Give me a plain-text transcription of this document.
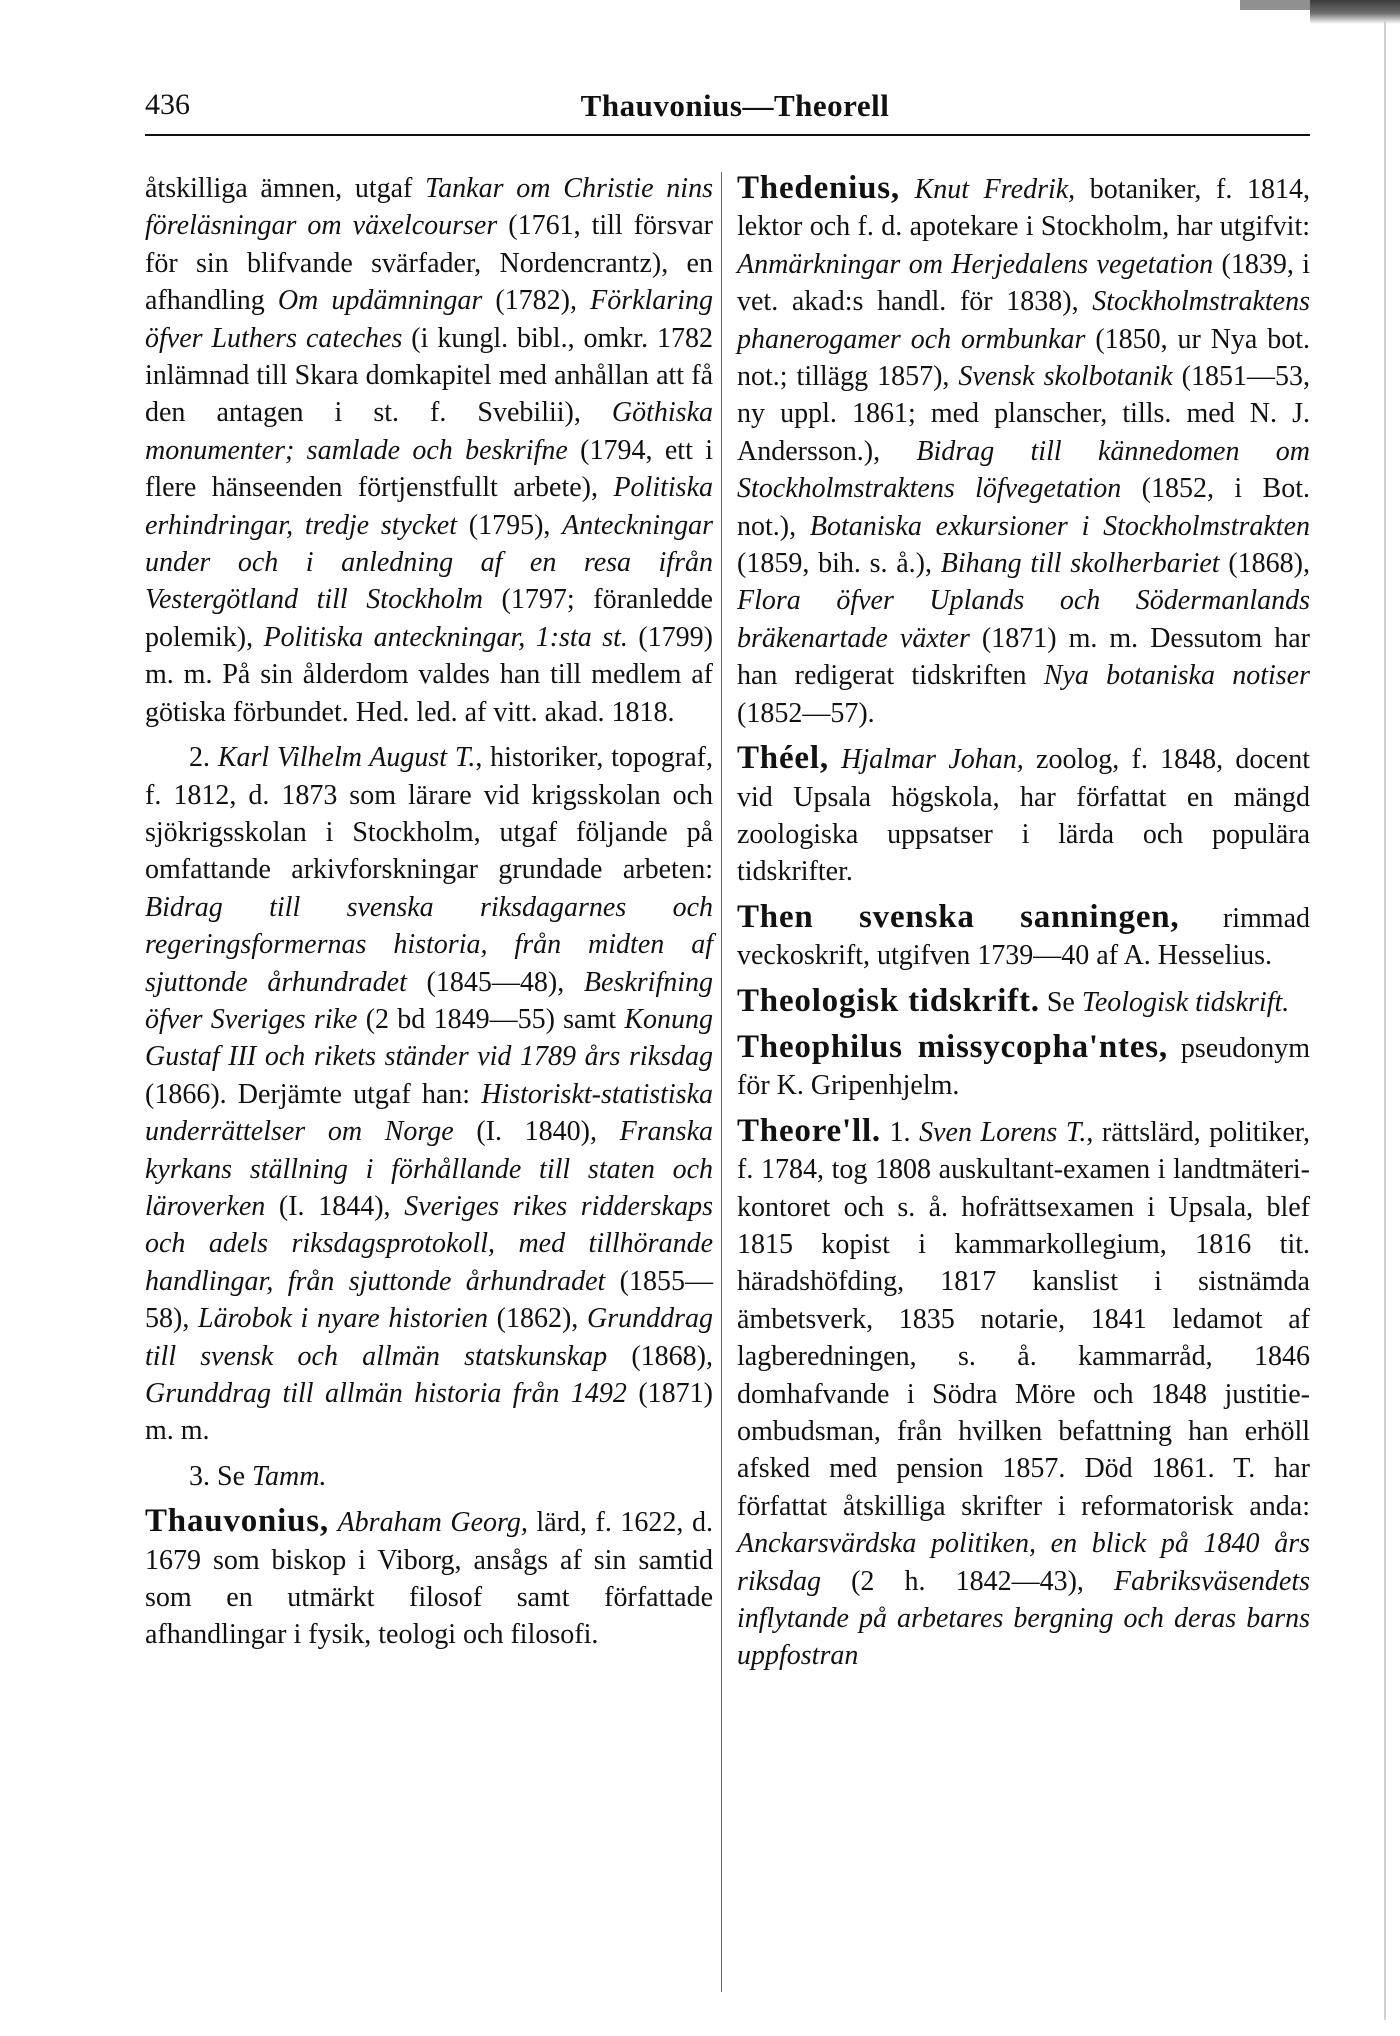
436	Thauvonius—Theorell

åtskilliga ämnen, utgaf Tankar om Christie nins föreläsningar om växelcourser (1761, till försvar för sin blifvande svärfader, Nordencrantz), en afhandling Om updämningar (1782), Förklaring öfver Luthers cateches (i kungl. bibl., omkr. 1782 inlämnad till Skara domkapitel med anhållan att få den antagen i st. f. Svebilii), Göthiska monumenter; samlade och beskrifne (1794, ett i flere hänseenden förtjenstfullt arbete), Politiska erhindringar, tredje stycket (1795), Anteckningar under och i anledning af en resa ifrån Vestergötland till Stockholm (1797; föranledde polemik), Politiska anteckningar, 1:sta st. (1799) m. m. På sin ålderdom valdes han till medlem af götiska förbundet. Hed. led. af vitt. akad. 1818.

2. Karl Vilhelm August T., historiker, topograf, f. 1812, d. 1873 som lärare vid krigsskolan och sjökrigsskolan i Stockholm, utgaf följande på omfattande arkivforskningar grundade arbeten: Bidrag till svenska riksdagarnes och regeringsformernas historia, från midten af sjuttonde århundradet (1845—48), Beskrifning öfver Sveriges rike (2 bd 1849—55) samt Konung Gustaf III och rikets ständer vid 1789 års riksdag (1866). Derjämte utgaf han: Historiskt-statistiska underrättelser om Norge (I. 1840), Franska kyrkans ställning i förhållande till staten och läroverken (I. 1844), Sveriges rikes ridderskaps och adels riksdagsprotokoll, med tillhörande handlingar, från sjuttonde århundradet (1855—58), Lärobok i nyare historien (1862), Grunddrag till svensk och allmän statskunskap (1868), Grunddrag till allmän historia från 1492 (1871) m. m.

3. Se Tamm.

Thauvonius, Abraham Georg, lärd, f. 1622, d. 1679 som biskop i Viborg, ansågs af sin samtid som en utmärkt filosof samt författade afhandlingar i fysik, teologi och filosofi.

Thedenius, Knut Fredrik, botaniker, f. 1814, lektor och f. d. apotekare i Stockholm, har utgifvit: Anmärkningar om Herjedalens vegetation (1839, i vet. akad:s handl. för 1838), Stockholmstraktens phanerogamer och ormbunkar (1850, ur Nya bot. not.; tillägg 1857), Svensk skolbotanik (1851—53, ny uppl. 1861; med planscher, tills. med N. J. Andersson.), Bidrag till kännedomen om Stockholmstraktens löfvegetation (1852, i Bot. not.), Botaniska exkursioner i Stockholmstrakten (1859, bih. s. å.), Bihang till skolherbariet (1868), Flora öfver Uplands och Södermanlands bräkenartade växter (1871) m. m. Dessutom har han redigerat tidskriften Nya botaniska notiser (1852—57).

Théel, Hjalmar Johan, zoolog, f. 1848, docent vid Upsala högskola, har författat en mängd zoologiska uppsatser i lärda och populära tidskrifter.

Then svenska sanningen, rimmad veckoskrift, utgifven 1739—40 af A. Hesselius.

Theologisk tidskrift. Se Teologisk tidskrift.

Theophilus missycopha'ntes, pseudonym för K. Gripenhjelm.

Theore'll. 1. Sven Lorens T., rättslärd, politiker, f. 1784, tog 1808 auskultant-examen i landtmäteri-kontoret och s. å. hofrättsexamen i Upsala, blef 1815 kopist i kammarkollegium, 1816 tit. häradshöfding, 1817 kanslist i sistnämda ämbetsverk, 1835 notarie, 1841 ledamot af lagberedningen, s. å. kammarråd, 1846 domhafvande i Södra Möre och 1848 justitie-ombudsman, från hvilken befattning han erhöll afsked med pension 1857. Död 1861. T. har författat åtskilliga skrifter i reformatorisk anda: Anckarsvärdska politiken, en blick på 1840 års riksdag (2 h. 1842—43), Fabriksväsendets inflytande på arbetares bergning och deras barns uppfostran
